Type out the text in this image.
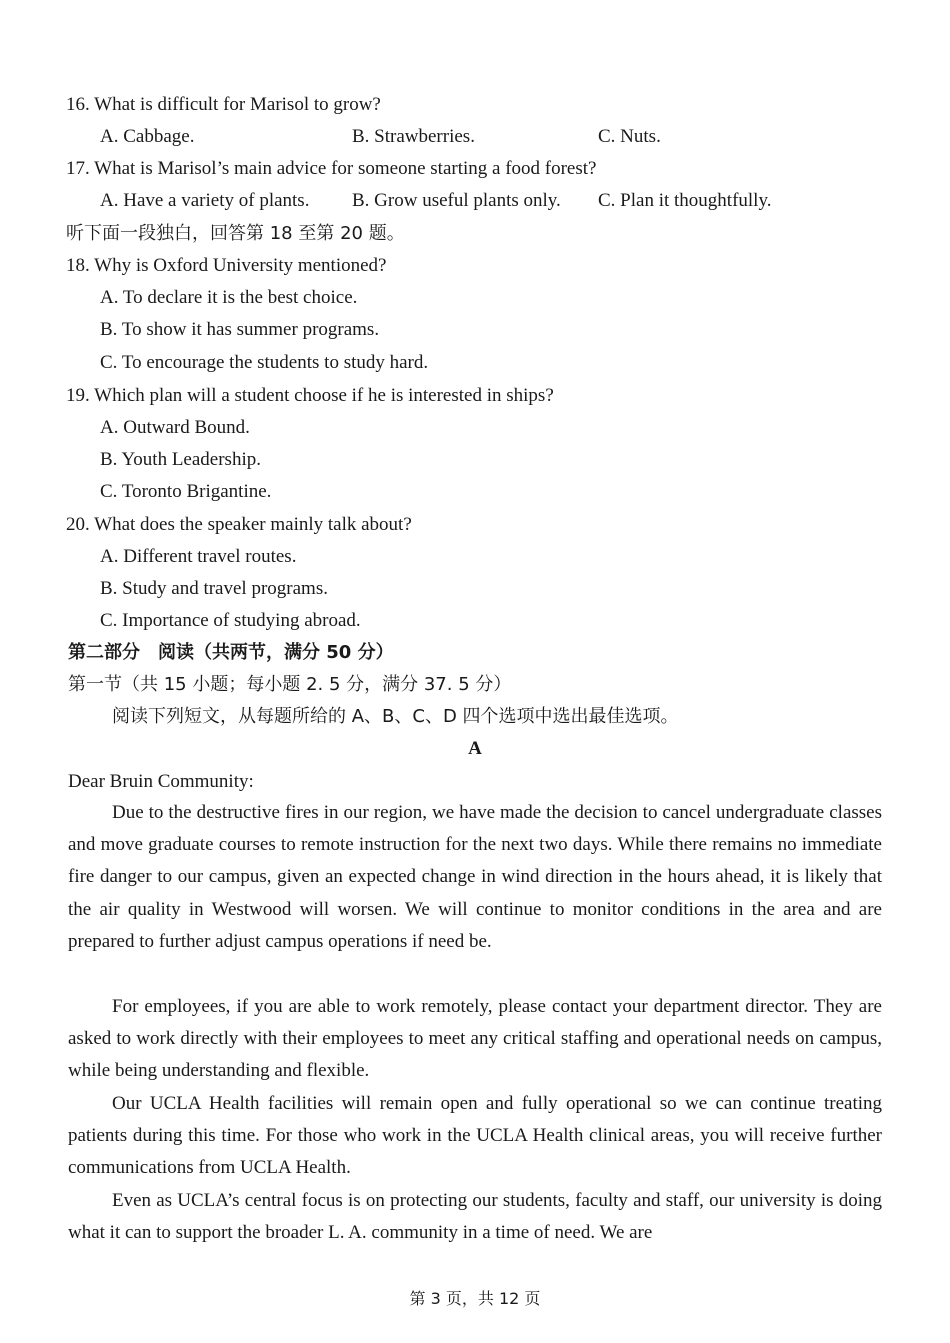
16. What is difficult for Marisol to grow?
A. Cabbage.	B. Strawberries.	C. Nuts.
17. What is Marisol’s main advice for someone starting a food forest?
A. Have a variety of plants. B. Grow useful plants only. C. Plan it thoughtfully.
听下面一段独白，回答第 18 至第 20 题。
18. Why is Oxford University mentioned?
A. To declare it is the best choice.
B. To show it has summer programs.
C. To encourage the students to study hard.
19. Which plan will a student choose if he is interested in ships?
A. Outward Bound.
B. Youth Leadership.
C. Toronto Brigantine.
20. What does the speaker mainly talk about?
A. Different travel routes.
B. Study and travel programs.
C. Importance of studying abroad.
第二部分　阅读（共两节，满分 50 分）
第一节（共 15 小题；每小题 2. 5 分，满分 37. 5 分）
阅读下列短文，从每题所给的 A、B、C、D 四个选项中选出最佳选项。
A
Dear Bruin Community:
Due to the destructive fires in our region, we have made the decision to cancel undergraduate classes and move graduate courses to remote instruction for the next two days. While there remains no immediate fire danger to our campus, given an expected change in wind direction in the hours ahead, it is likely that the air quality in Westwood will worsen. We will continue to monitor conditions in the area and are prepared to further adjust campus operations if need be.
For employees, if you are able to work remotely, please contact your department director. They are asked to work directly with their employees to meet any critical staffing and operational needs on campus, while being understanding and flexible.
Our UCLA Health facilities will remain open and fully operational so we can continue treating patients during this time. For those who work in the UCLA Health clinical areas, you will receive further communications from UCLA Health.
Even as UCLA’s central focus is on protecting our students, faculty and staff, our university is doing what it can to support the broader L. A. community in a time of need. We are
第 3 页，共 12 页
